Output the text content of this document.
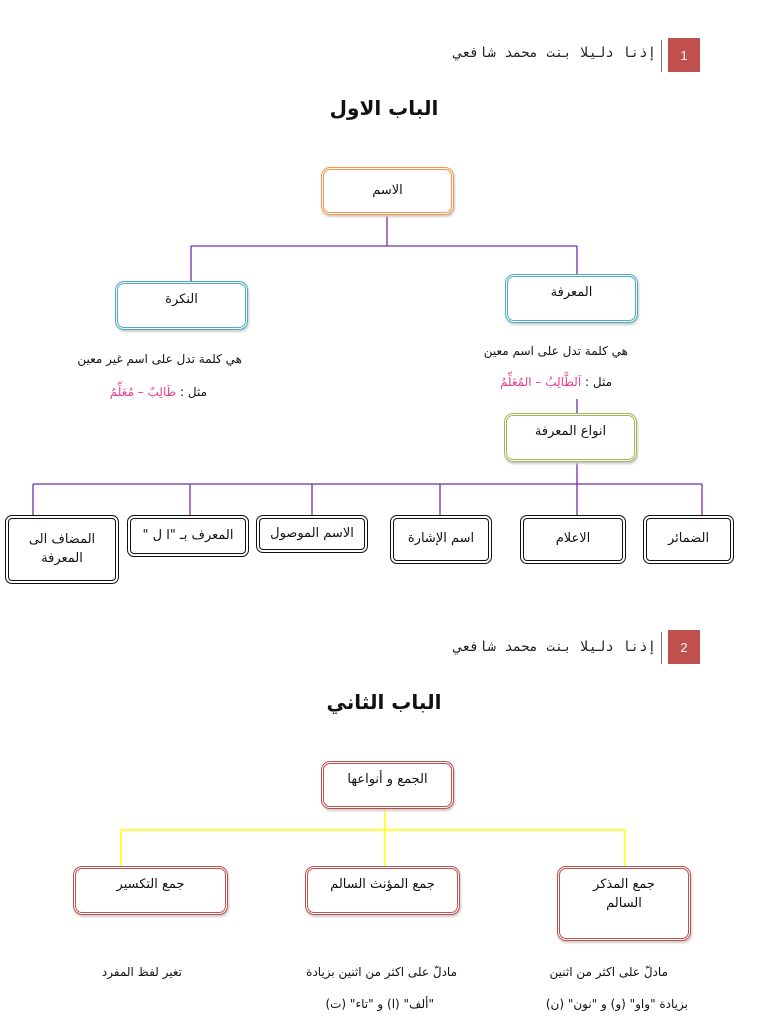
1
إذنا دليلا بنت محمد شافعي
الباب الاول
الاسم
النكرة	المعرفة
هي كلمة تدل على اسم غير معين
مثل : طَالِبٌ – مُعَلِّمٌ
هي كلمة تدل على اسم معين
مثل : اَلطَّالِبُ – المُعَلِّمُ
انواع المعرفة
الضمائر
الاعلام
اسم الإشارة
الاسم الموصول
المعرف بـ "ا ل "
المضاف الى المعرفة
2
إذنا دليلا بنت محمد شافعي
الباب الثاني
الجمع و أنواعها
جمع المذكر السالم
جمع المؤنث السالم
جمع التكسير
مادلّ على اكثر من اثنين
بزيادة "واو" (و) و "نون" (ن)
مادلّ على اكثر من اثنين بزيادة
"ألف" (ا) و "تاء" (ت)
تغير لفظ المفرد
